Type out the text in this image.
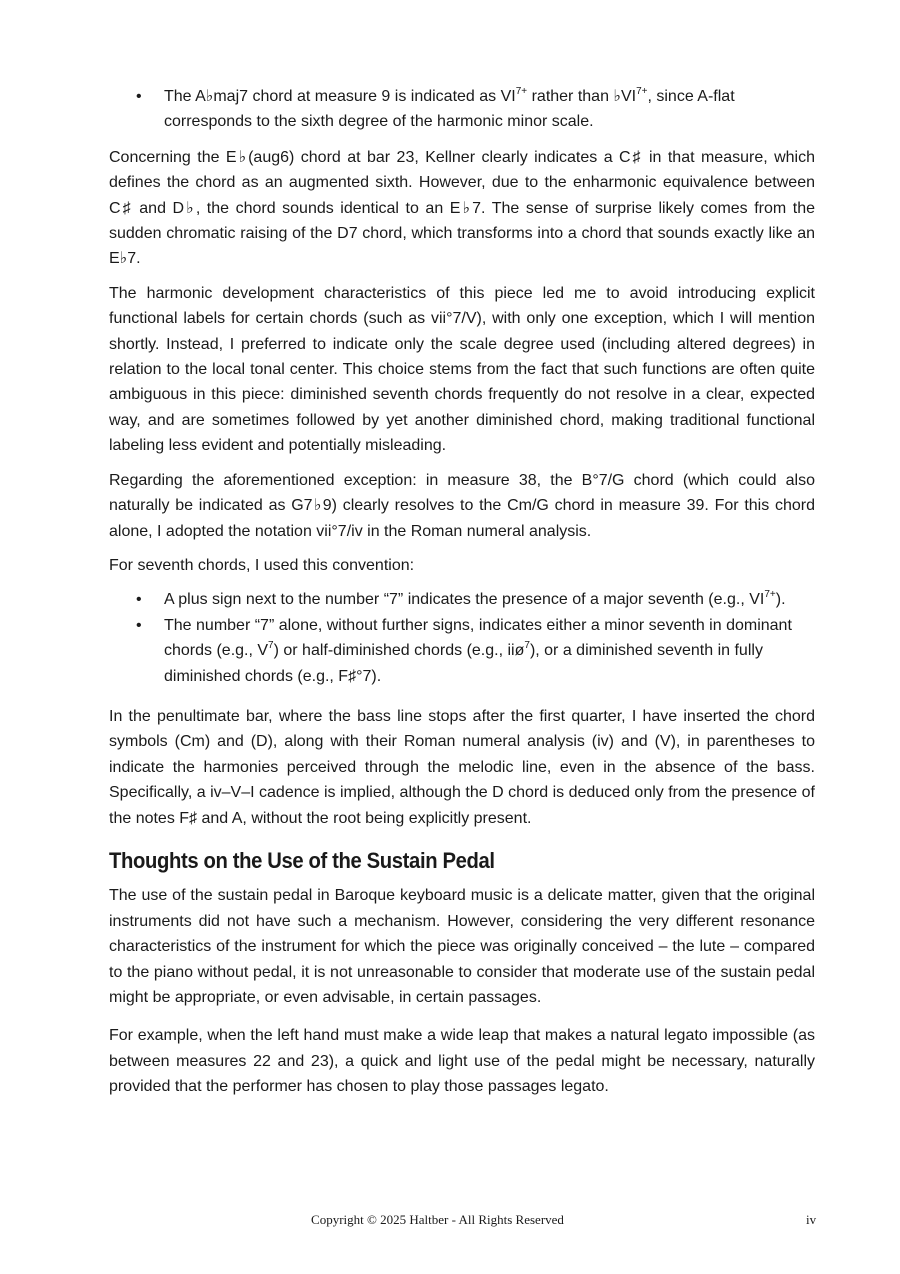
• The A♭maj7 chord at measure 9 is indicated as $VI^{7+}$ rather than $♭VI^{7+}$, since A-flat corresponds to the sixth degree of the harmonic minor scale.

Concerning the E♭(aug6) chord at bar 23, Kellner clearly indicates a C♯ in that measure, which defines the chord as an augmented sixth. However, due to the enharmonic equivalence between C♯ and D♭, the chord sounds identical to an E♭7. The sense of surprise likely comes from the sudden chromatic raising of the D7 chord, which transforms into a chord that sounds exactly like an E♭7.

The harmonic development characteristics of this piece led me to avoid introducing explicit functional labels for certain chords (such as vii°7/V), with only one exception, which I will mention shortly. Instead, I preferred to indicate only the scale degree used (including altered degrees) in relation to the local tonal center. This choice stems from the fact that such functions are often quite ambiguous in this piece: diminished seventh chords frequently do not resolve in a clear, expected way, and are sometimes followed by yet another diminished chord, making traditional functional labeling less evident and potentially misleading.

Regarding the aforementioned exception: in measure 38, the B°7/G chord (which could also naturally be indicated as G7♭9) clearly resolves to the Cm/G chord in measure 39. For this chord alone, I adopted the notation vii°7/iv in the Roman numeral analysis.

For seventh chords, I used this convention:

• A plus sign next to the number “7” indicates the presence of a major seventh (e.g., $VI^{7+}$).
• The number “7” alone, without further signs, indicates either a minor seventh in dominant chords (e.g., $V^7$) or half-diminished chords (e.g., iiø$^7$), or a diminished seventh in fully diminished chords (e.g., F♯°7).

In the penultimate bar, where the bass line stops after the first quarter, I have inserted the chord symbols (Cm) and (D), along with their Roman numeral analysis (iv) and (V), in parentheses to indicate the harmonies perceived through the melodic line, even in the absence of the bass. Specifically, a iv–V–I cadence is implied, although the D chord is deduced only from the presence of the notes F♯ and A, without the root being explicitly present.

Thoughts on the Use of the Sustain Pedal

The use of the sustain pedal in Baroque keyboard music is a delicate matter, given that the original instruments did not have such a mechanism. However, considering the very different resonance characteristics of the instrument for which the piece was originally conceived – the lute – compared to the piano without pedal, it is not unreasonable to consider that moderate use of the sustain pedal might be appropriate, or even advisable, in certain passages.

For example, when the left hand must make a wide leap that makes a natural legato impossible (as between measures 22 and 23), a quick and light use of the pedal might be necessary, naturally provided that the performer has chosen to play those passages legato.

Copyright © 2025 Haltber - All Rights Reserved	iv
